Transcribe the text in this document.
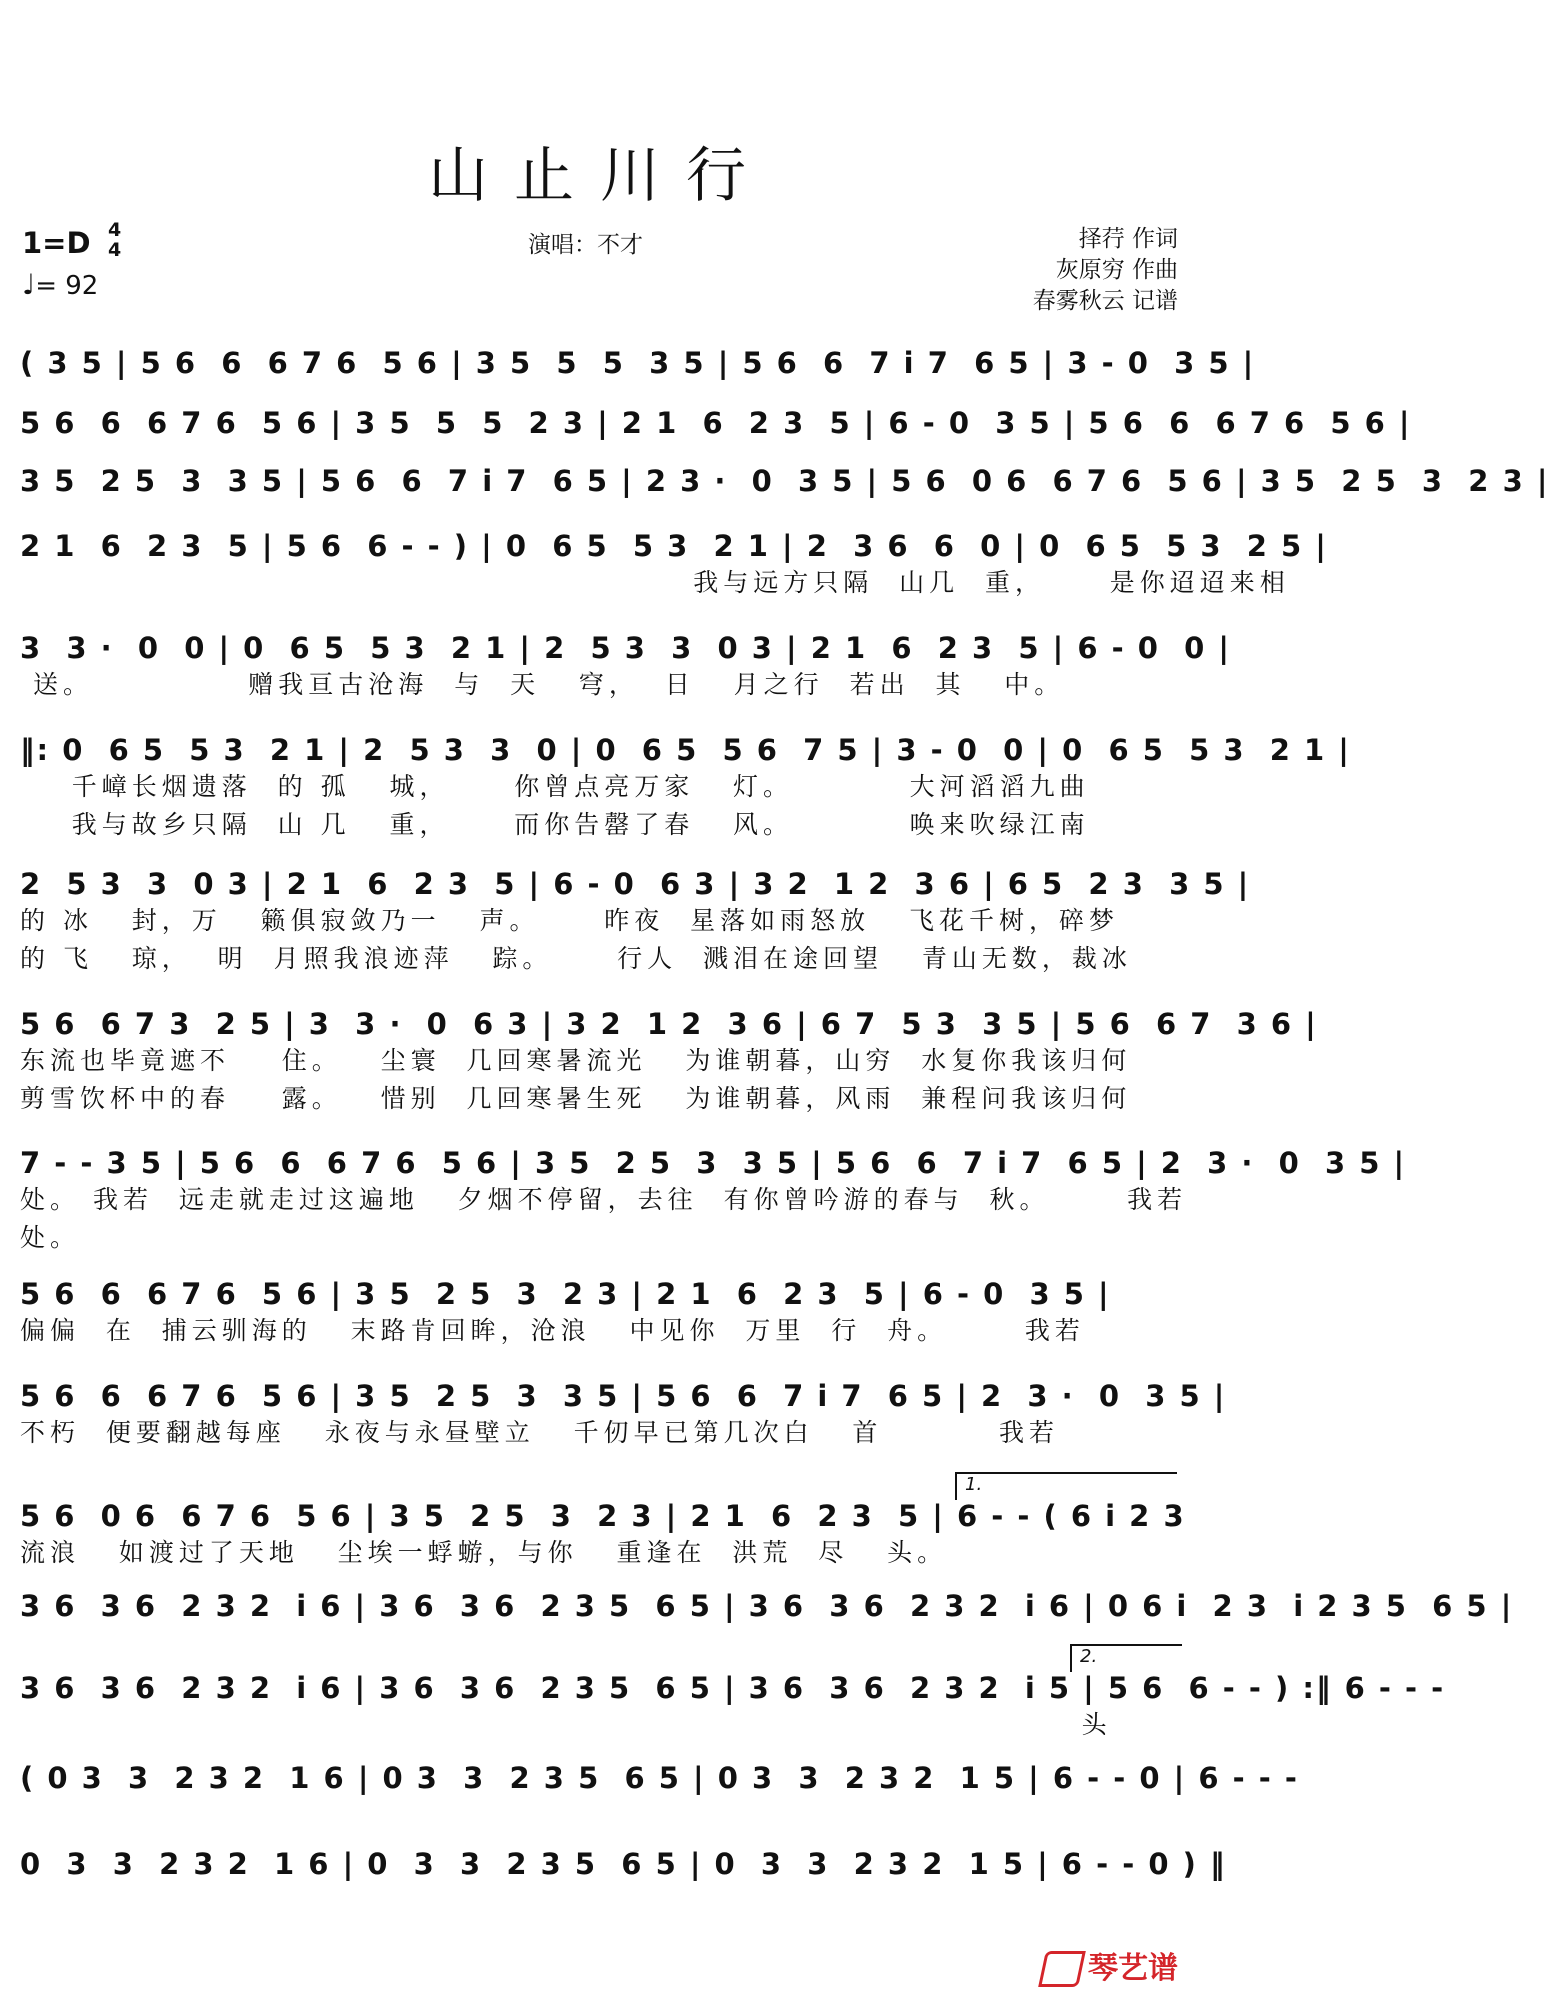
山止川行
1=D 4
4
♩= 92
演唱：不才	择荇 作词
灰原穷 作曲
春雾秋云 记谱
( 3 5 | 5 6  6  6 7 6  5 6 | 3 5  5  5  3 5 | 5 6  6  7 i 7  6 5 | 3 - 0  3 5 |
5 6  6  6 7 6  5 6 | 3 5  5  5  2 3 | 2 1  6  2 3  5 | 6 - 0  3 5 | 5 6  6  6 7 6  5 6 |
3 5  2 5  3  3 5 | 5 6  6  7 i 7  6 5 | 2 3 ·  0  3 5 | 5 6  0 6  6 7 6  5 6 | 3 5  2 5  3  2 3 |
2 1  6  2 3  5 | 5 6  6 - - ) | 0  6 5  5 3  2 1 | 2  3 6  6  0 | 0  6 5  5 3  2 5 |
我与远方只隔  山几  重，     是你迢迢来相
3  3 ·  0  0 | 0  6 5  5 3  2 1 | 2  5 3  3  0 3 | 2 1  6  2 3  5 | 6 - 0  0 |
送。            赠我亘古沧海  与  天   穹，  日   月之行  若出  其   中。
‖: 0  6 5  5 3  2 1 | 2  5 3  3  0 | 0  6 5  5 6  7 5 | 3 - 0  0 | 0  6 5  5 3  2 1 |
千嶂长烟遗落  的 孤   城，     你曾点亮万家   灯。         大河滔滔九曲
我与故乡只隔  山 几   重，     而你告罄了春   风。         唤来吹绿江南
2  5 3  3  0 3 | 2 1  6  2 3  5 | 6 - 0  6 3 | 3 2  1 2  3 6 | 6 5  2 3  3 5 |
的 冰   封，万   籁俱寂敛乃一   声。     昨夜  星落如雨怒放   飞花千树，碎梦
的 飞   琼，  明  月照我浪迹萍   踪。     行人  溅泪在途回望   青山无数，裁冰
5 6  6 7 3  2 5 | 3  3 ·  0  6 3 | 3 2  1 2  3 6 | 6 7  5 3  3 5 | 5 6  6 7  3 6 |
东流也毕竟遮不    住。   尘寰  几回寒暑流光   为谁朝暮，山穷  水复你我该归何
剪雪饮杯中的春    露。   惜别  几回寒暑生死   为谁朝暮，风雨  兼程问我该归何
7 - - 3 5 | 5 6  6  6 7 6  5 6 | 3 5  2 5  3  3 5 | 5 6  6  7 i 7  6 5 | 2  3 ·  0  3 5 |
处。 我若  远走就走过这遍地   夕烟不停留，去往  有你曾吟游的春与  秋。      我若
处。
5 6  6  6 7 6  5 6 | 3 5  2 5  3  2 3 | 2 1  6  2 3  5 | 6 - 0  3 5 |
偏偏  在  捕云驯海的   末路肯回眸，沧浪   中见你  万里  行  舟。      我若
5 6  6  6 7 6  5 6 | 3 5  2 5  3  3 5 | 5 6  6  7 i 7  6 5 | 2  3 ·  0  3 5 |
不朽  便要翻越每座   永夜与永昼壁立   千仞早已第几次白   首         我若
5 6  0 6  6 7 6  5 6 | 3 5  2 5  3  2 3 | 2 1  6  2 3  5 | 6 - - ( 6 i 2 3
流浪   如渡过了天地   尘埃一蜉蝣，与你   重逢在  洪荒  尽   头。
1.
3 6  3 6  2 3 2  i 6 | 3 6  3 6  2 3 5  6 5 | 3 6  3 6  2 3 2  i 6 | 0 6 i  2 3  i 2 3 5  6 5 |
3 6  3 6  2 3 2  i 6 | 3 6  3 6  2 3 5  6 5 | 3 6  3 6  2 3 2  i 5 | 5 6  6 - - ) :‖ 6 - - -
头
2.
( 0 3  3  2 3 2  1 6 | 0 3  3  2 3 5  6 5 | 0 3  3  2 3 2  1 5 | 6 - - 0 | 6 - - -
0  3  3  2 3 2  1 6 | 0  3  3  2 3 5  6 5 | 0  3  3  2 3 2  1 5 | 6 - - 0 ) ‖
琴艺谱
